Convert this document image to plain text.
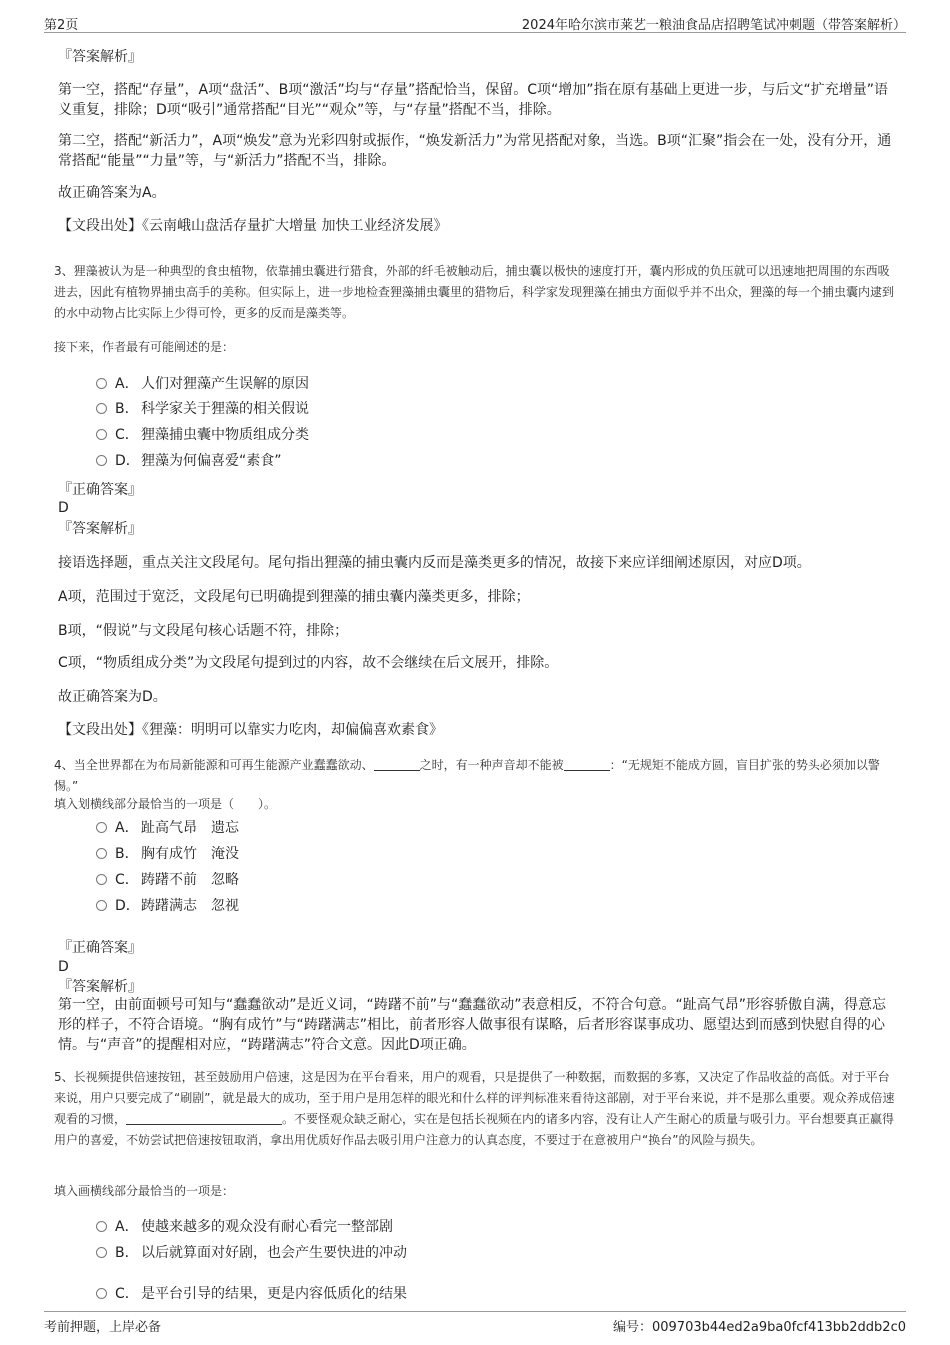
第2页	2024年哈尔滨市莱艺一粮油食品店招聘笔试冲刺题（带答案解析）

『答案解析』

第一空，搭配“存量”，A项“盘活”、B项“激活”均与“存量”搭配恰当，保留。C项“增加”指在原有基础上更进一步，与后文“扩充增量”语义重复，排除；D项“吸引”通常搭配“目光”“观众”等，与“存量”搭配不当，排除。

第二空，搭配“新活力”，A项“焕发”意为光彩四射或振作，“焕发新活力”为常见搭配对象，当选。B项“汇聚”指会在一处，没有分开，通常搭配“能量”“力量”等，与“新活力”搭配不当，排除。

故正确答案为A。

【文段出处】《云南峨山盘活存量扩大增量 加快工业经济发展》

3、狸藻被认为是一种典型的食虫植物，依靠捕虫囊进行猎食，外部的纤毛被触动后，捕虫囊以极快的速度打开，囊内形成的负压就可以迅速地把周围的东西吸进去，因此有植物界捕虫高手的美称。但实际上，进一步地检查狸藻捕虫囊里的猎物后，科学家发现狸藻在捕虫方面似乎并不出众，狸藻的每一个捕虫囊内逮到的水中动物占比实际上少得可怜，更多的反而是藻类等。

接下来，作者最有可能阐述的是：

A． 人们对狸藻产生误解的原因
B． 科学家关于狸藻的相关假说
C． 狸藻捕虫囊中物质组成分类
D．狸藻为何偏喜爱“素食”

『正确答案』

D

『答案解析』

接语选择题，重点关注文段尾句。尾句指出狸藻的捕虫囊内反而是藻类更多的情况，故接下来应详细阐述原因，对应D项。

A项，范围过于宽泛，文段尾句已明确提到狸藻的捕虫囊内藻类更多，排除；

B项，“假说”与文段尾句核心话题不符，排除；

C项，“物质组成分类”为文段尾句提到过的内容，故不会继续在后文展开，排除。

故正确答案为D。

【文段出处】《狸藻：明明可以靠实力吃肉，却偏偏喜欢素食》

4、当全世界都在为布局新能源和可再生能源产业蠢蠢欲动、	之时，有一种声音却不能被	：“无规矩不能成方圆，盲目扩张的势头必须加以警惕。”

填入划横线部分最恰当的一项是（　　）。

A． 趾高气昂　遗忘
B． 胸有成竹　淹没
C． 踌躇不前　忽略
D．踌躇满志　忽视

『正确答案』

D

『答案解析』

第一空，由前面顿号可知与“蠢蠢欲动”是近义词，“踌躇不前”与“蠢蠢欲动”表意相反，不符合句意。“趾高气昂”形容骄傲自满，得意忘形的样子，不符合语境。“胸有成竹”与“踌躇满志”相比，前者形容人做事很有谋略，后者形容谋事成功、愿望达到而感到快慰自得的心情。与“声音”的提醒相对应，“踌躇满志”符合文意。因此D项正确。

5、长视频提供倍速按钮，甚至鼓励用户倍速，这是因为在平台看来，用户的观看，只是提供了一种数据，而数据的多寡，又决定了作品收益的高低。对于平台来说，用户只要完成了“刷剧”，就是最大的成功，至于用户是用怎样的眼光和什么样的评判标准来看待这部剧，对于平台来说，并不是那么重要。观众养成倍速观看的习惯，	。不要怪观众缺乏耐心，实在是包括长视频在内的诸多内容，没有让人产生耐心的质量与吸引力。平台想要真正赢得用户的喜爱，不妨尝试把倍速按钮取消，拿出用优质好作品去吸引用户注意力的认真态度，不要过于在意被用户“换台”的风险与损失。

填入画横线部分最恰当的一项是：

A． 使越来越多的观众没有耐心看完一整部剧
B． 以后就算面对好剧，也会产生要快进的冲动
C． 是平台引导的结果，更是内容低质化的结果
考前押题，上岸必备	编号：009703b44ed2a9ba0fcf413bb2ddb2c0
